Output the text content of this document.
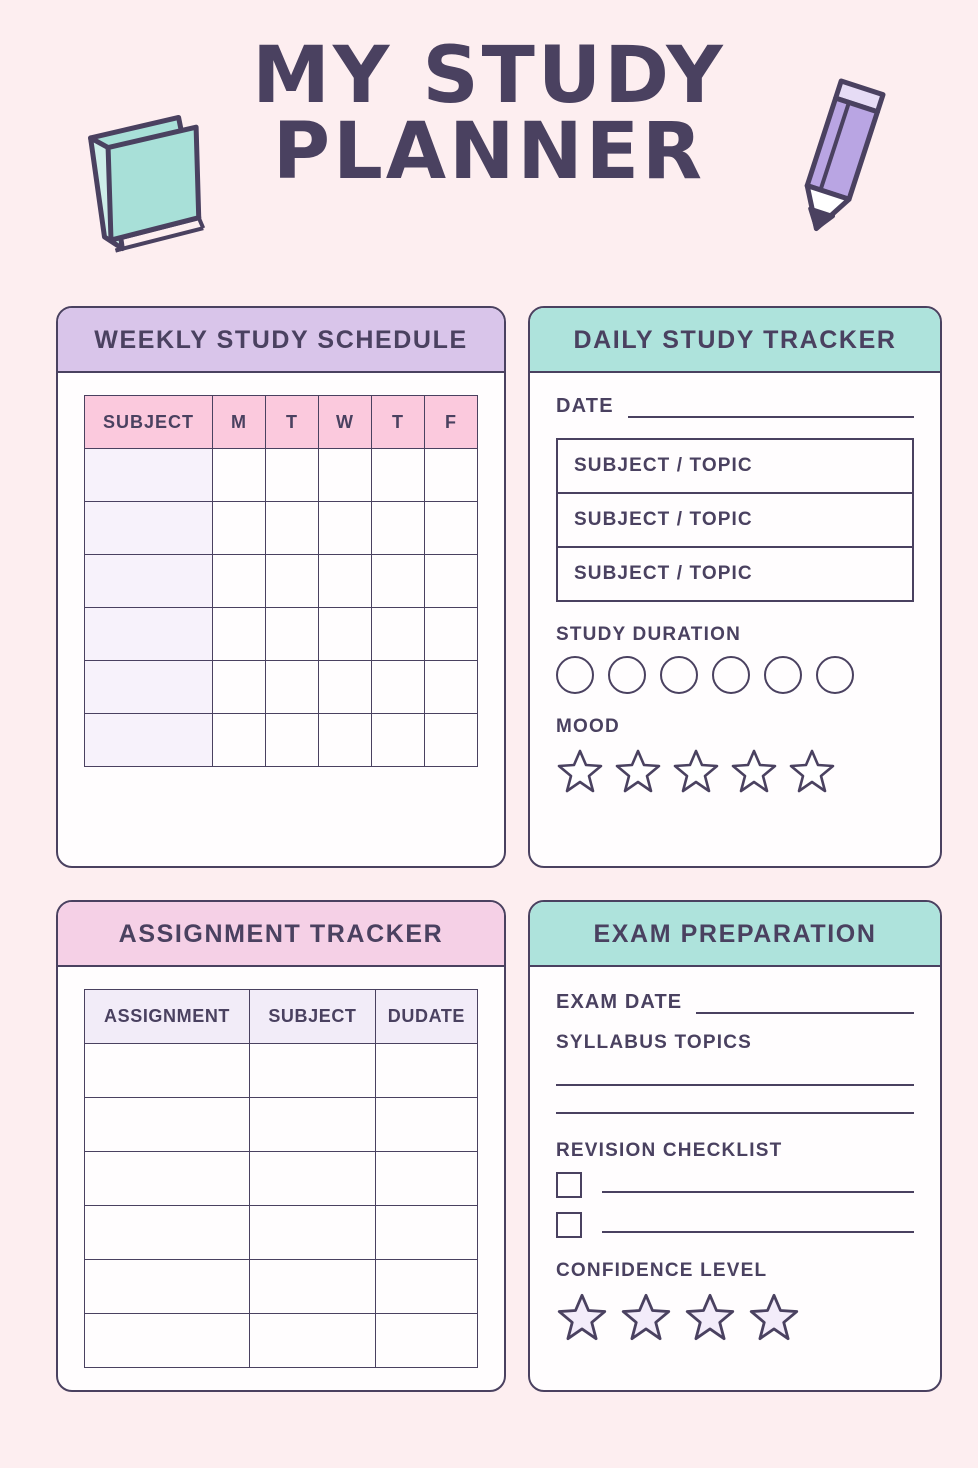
MY STUDY
PLANNER
WEEKLY STUDY SCHEDULE
SUBJECT	M	T	W	T	F

DAILY STUDY TRACKER
DATE
SUBJECT / TOPIC
SUBJECT / TOPIC
SUBJECT / TOPIC
STUDY DURATION
MOOD
ASSIGNMENT TRACKER
ASSIGNMENT	SUBJECT	DUDATE

EXAM PREPARATION
EXAM DATE
SYLLABUS TOPICS
REVISION CHECKLIST
CONFIDENCE LEVEL
